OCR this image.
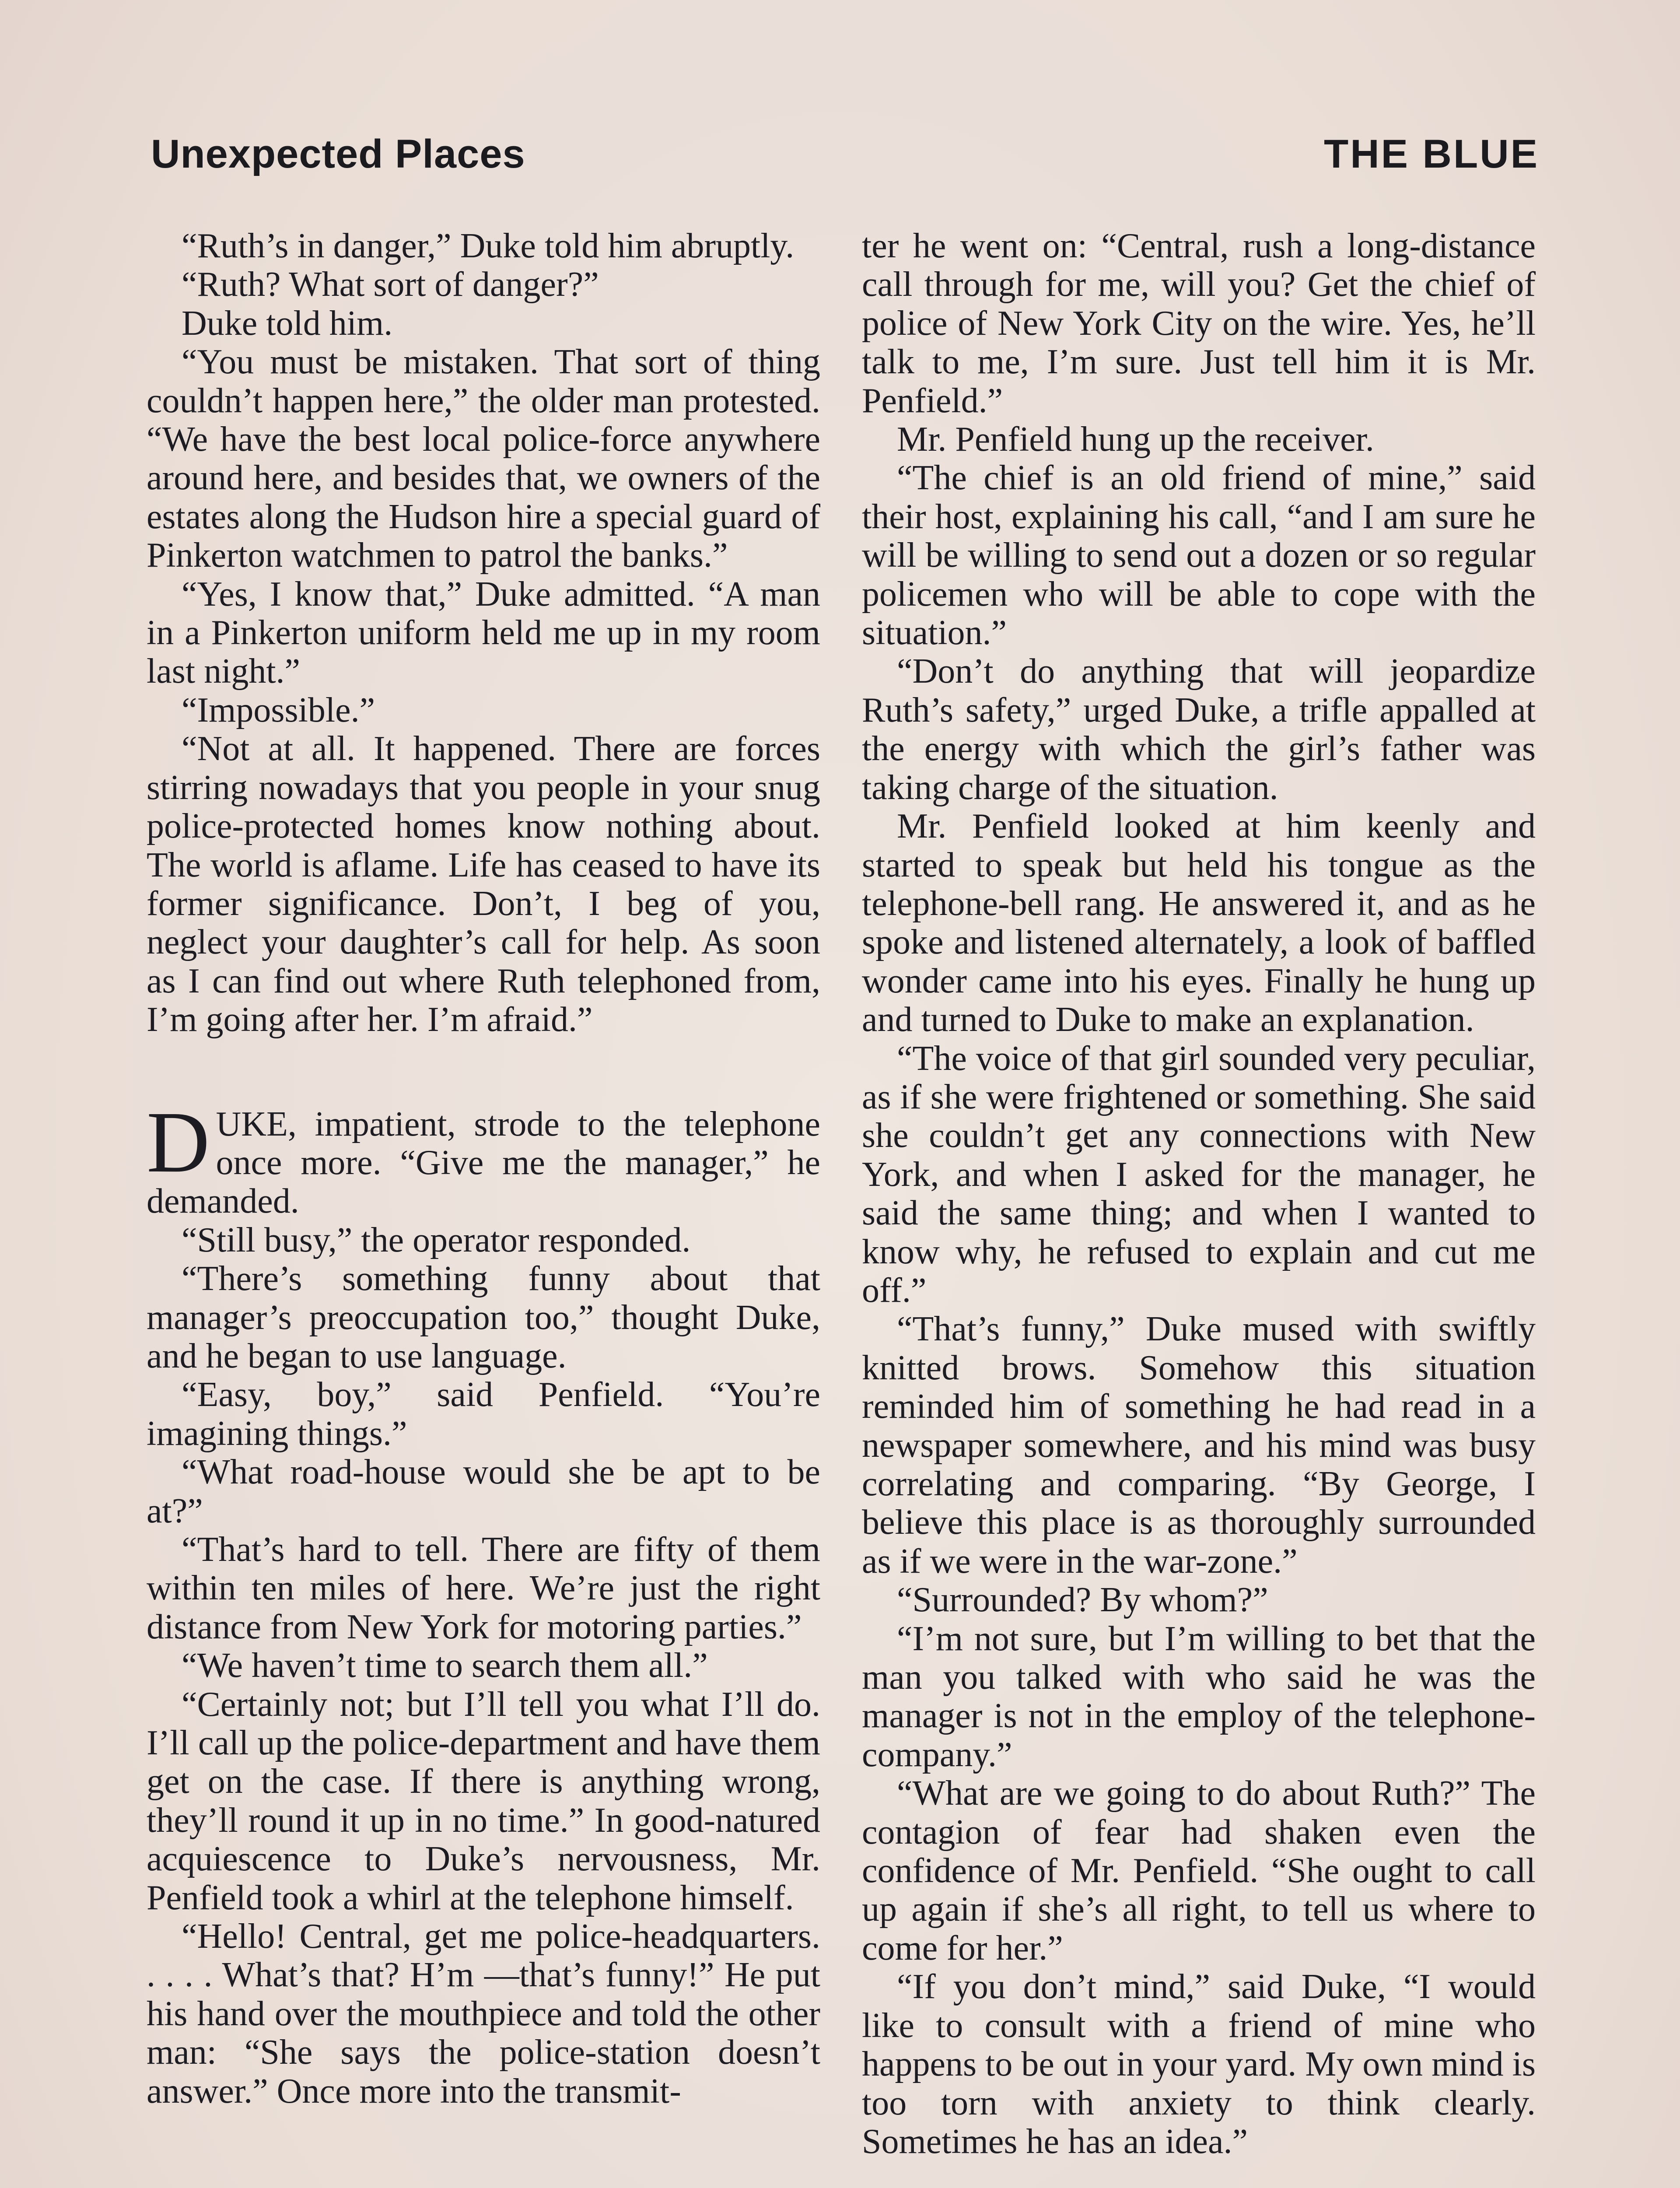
Unexpected Places	THE BLUE

“Ruth’s in danger,” Duke told him abruptly.

“Ruth? What sort of danger?”

Duke told him.

“You must be mistaken. That sort of thing couldn’t happen here,” the older man protested. “We have the best local police-force anywhere around here, and besides that, we owners of the estates along the Hudson hire a special guard of Pinkerton watchmen to patrol the banks.”

“Yes, I know that,” Duke admitted. “A man in a Pinkerton uniform held me up in my room last night.”

“Impossible.”

“Not at all. It happened. There are forces stirring nowadays that you people in your snug police-protected homes know nothing about. The world is aflame. Life has ceased to have its former significance. Don’t, I beg of you, neglect your daughter’s call for help. As soon as I can find out where Ruth telephoned from, I’m going after her. I’m afraid.”

DUKE, impatient, strode to the telephone once more. “Give me the manager,” he demanded.

“Still busy,” the operator responded.

“There’s something funny about that manager’s preoccupation too,” thought Duke, and he began to use language.

“Easy, boy,” said Penfield. “You’re imagining things.”

“What road-house would she be apt to be at?”

“That’s hard to tell. There are fifty of them within ten miles of here. We’re just the right distance from New York for motoring parties.”

“We haven’t time to search them all.”

“Certainly not; but I’ll tell you what I’ll do. I’ll call up the police-department and have them get on the case. If there is anything wrong, they’ll round it up in no time.” In good-natured acquiescence to Duke’s nervousness, Mr. Penfield took a whirl at the telephone himself.

“Hello! Central, get me police-headquarters. . . . . What’s that? H’m —that’s funny!” He put his hand over the mouthpiece and told the other man: “She says the police-station doesn’t answer.” Once more into the transmit-

ter he went on: “Central, rush a long-distance call through for me, will you? Get the chief of police of New York City on the wire. Yes, he’ll talk to me, I’m sure. Just tell him it is Mr. Penfield.”

Mr. Penfield hung up the receiver.

“The chief is an old friend of mine,” said their host, explaining his call, “and I am sure he will be willing to send out a dozen or so regular policemen who will be able to cope with the situation.”

“Don’t do anything that will jeopardize Ruth’s safety,” urged Duke, a trifle appalled at the energy with which the girl’s father was taking charge of the situation.

Mr. Penfield looked at him keenly and started to speak but held his tongue as the telephone-bell rang. He answered it, and as he spoke and listened alternately, a look of baffled wonder came into his eyes. Finally he hung up and turned to Duke to make an explanation.

“The voice of that girl sounded very peculiar, as if she were frightened or something. She said she couldn’t get any connections with New York, and when I asked for the manager, he said the same thing; and when I wanted to know why, he refused to explain and cut me off.”

“That’s funny,” Duke mused with swiftly knitted brows. Somehow this situation reminded him of something he had read in a newspaper somewhere, and his mind was busy correlating and comparing. “By George, I believe this place is as thoroughly surrounded as if we were in the war-zone.”

“Surrounded? By whom?”

“I’m not sure, but I’m willing to bet that the man you talked with who said he was the manager is not in the employ of the telephone-company.”

“What are we going to do about Ruth?” The contagion of fear had shaken even the confidence of Mr. Penfield. “She ought to call up again if she’s all right, to tell us where to come for her.”

“If you don’t mind,” said Duke, “I would like to consult with a friend of mine who happens to be out in your yard. My own mind is too torn with anxiety to think clearly. Sometimes he has an idea.”
